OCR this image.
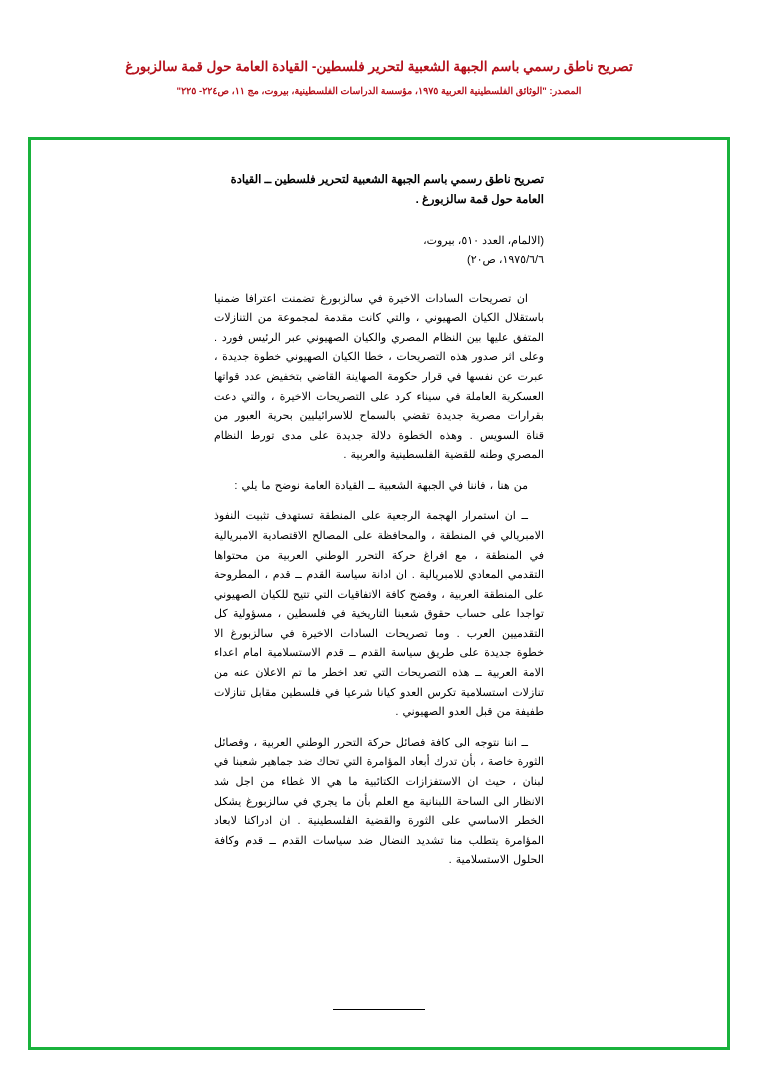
تصريح ناطق رسمي باسم الجبهة الشعبية لتحرير فلسطين- القيادة العامة حول قمة سالزبورغ
المصدر: "الوثائق الفلسطينية العربية ١٩٧٥، مؤسسة الدراسات الفلسطينية، بيروت، مج ١١، ص٢٢٤- ٢٢٥"
تصريح ناطق رسمي باسم الجبهة الشعبية لتحرير فلسطين ــ القيادة العامة حول قمة سالزبورغ .
(الالمام، العدد ٥١٠، بيروت،
١٩٧٥/٦/٦، ص٢٠)

ان تصريحات السادات الاخيرة في سالزبورغ تضمنت اعترافا ضمنيا باستقلال الكيان الصهيوني ، والتي كانت مقدمة لمجموعة من التنازلات المتفق عليها بين النظام المصري والكيان الصهيوني عبر الرئيس فورد . وعلى اثر صدور هذه التصريحات ، خطا الكيان الصهيوني خطوة جديدة ، عبرت عن نفسها في قرار حكومة الصهاينة القاضي بتخفيض عدد قواتها العسكرية العاملة في سيناء كرد على التصريحات الاخيرة ، والتي دعت بقرارات مصرية جديدة تقضي بالسماح للاسرائيليين بحرية العبور من قناة السويس . وهذه الخطوة دلالة جديدة على مدى تورط النظام المصري وطنه للقضية الفلسطينية والعربية .

من هنا ، فاننا في الجبهة الشعبية ــ القيادة العامة نوضح ما يلي :

ــ ان استمرار الهجمة الرجعية على المنطقة تستهدف تثبيت النفوذ الامبريالي في المنطقة ، والمحافظة على المصالح الاقتصادية الامبريالية في المنطقة ، مع افراغ حركة التحرر الوطني العربية من محتواها التقدمي المعادي للامبريالية . ان ادانة سياسة القدم ــ قدم ، المطروحة على المنطقة العربية ، وفضح كافة الاتفاقيات التي تتيح للكيان الصهيوني تواجدا على حساب حقوق شعبنا التاريخية في فلسطين ، مسؤولية كل التقدميين العرب . وما تصريحات السادات الاخيرة في سالزبورغ الا خطوة جديدة على طريق سياسة القدم ــ قدم الاستسلامية امام اعداء الامة العربية ــ هذه التصريحات التي تعد اخطر ما تم الاعلان عنه من تنازلات استسلامية تكرس العدو كيانا شرعيا في فلسطين مقابل تنازلات طفيفة من قبل العدو الصهيوني .

ــ اننا نتوجه الى كافة فصائل حركة التحرر الوطني العربية ، وفصائل الثورة خاصة ، بأن تدرك أبعاد المؤامرة التي تحاك ضد جماهير شعبنا في لبنان ، حيث ان الاستفزازات الكتائبية ما هي الا غطاء من اجل شد الانظار الى الساحة اللبنانية مع العلم بأن ما يجري في سالزبورغ يشكل الخطر الاساسي على الثورة والقضية الفلسطينية . ان ادراكنا لابعاد المؤامرة يتطلب منا تشديد النضال ضد سياسات القدم ــ قدم وكافة الحلول الاستسلامية .
